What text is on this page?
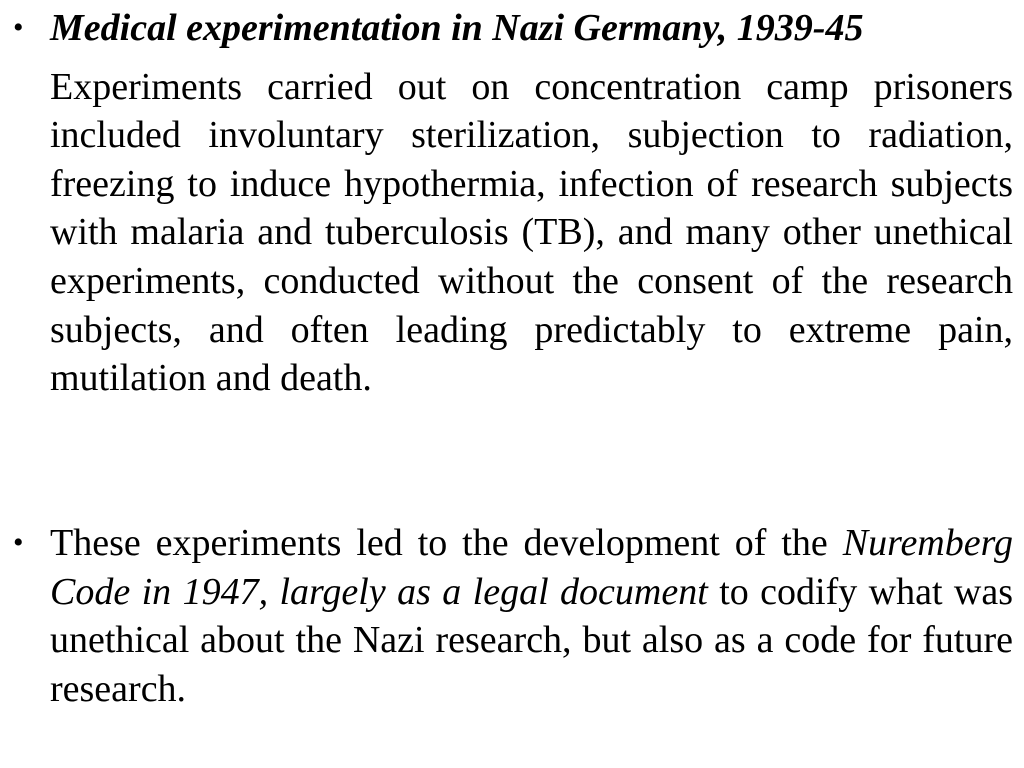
• Medical experimentation in Nazi Germany, 1939-45
Experiments carried out on concentration camp prisoners included involuntary sterilization, subjection to radiation, freezing to induce hypothermia, infection of research subjects with malaria and tuberculosis (TB), and many other unethical experiments, conducted without the consent of the research subjects, and often leading predictably to extreme pain, mutilation and death.
• These experiments led to the development of the Nuremberg Code in 1947, largely as a legal document to codify what was unethical about the Nazi research, but also as a code for future research.
